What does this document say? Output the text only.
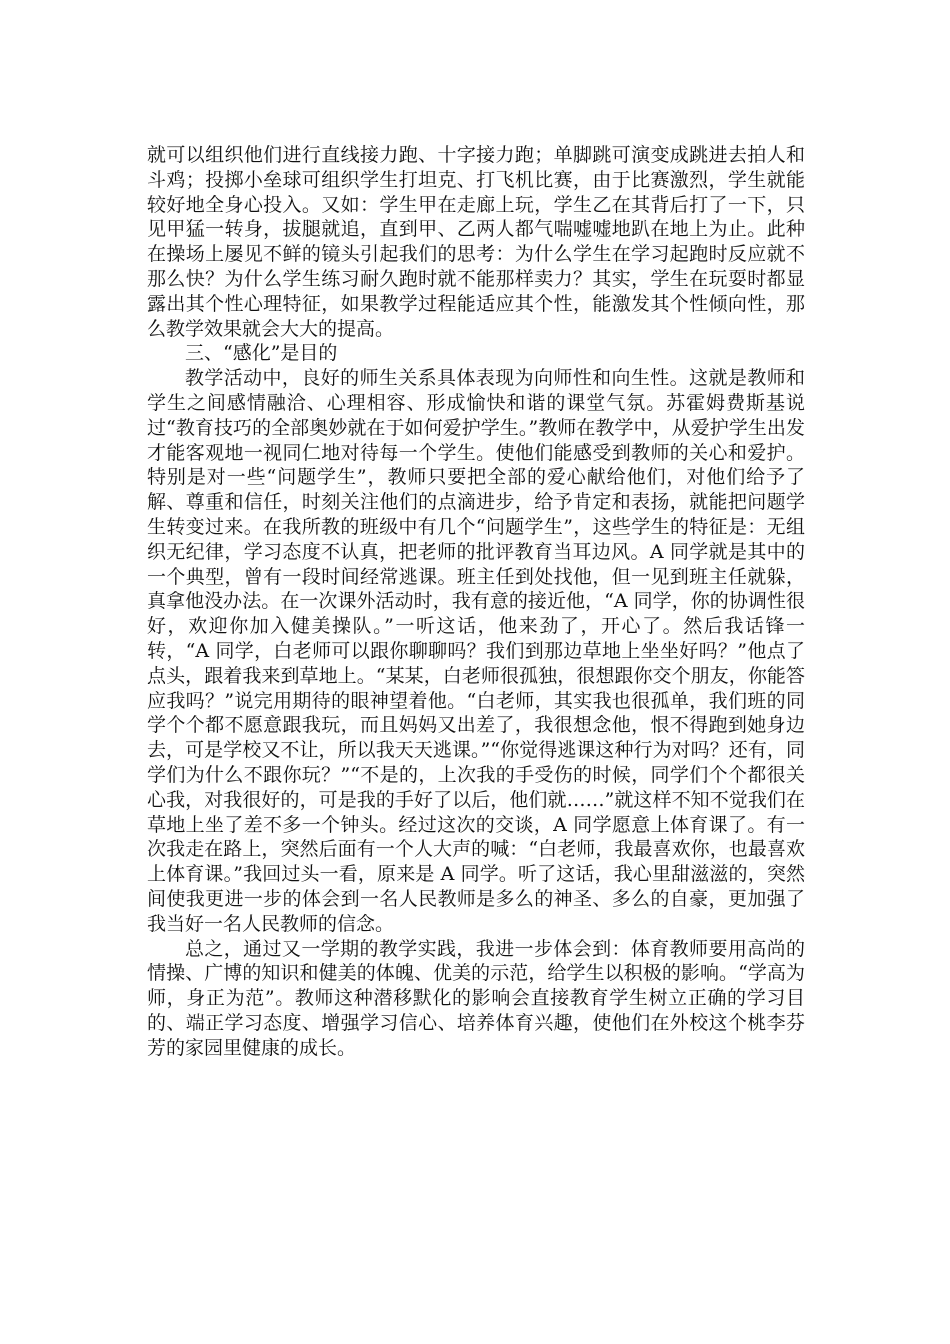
就可以组织他们进行直线接力跑、十字接力跑；单脚跳可演变成跳进去拍人和斗鸡；投掷小垒球可组织学生打坦克、打飞机比赛，由于比赛激烈，学生就能较好地全身心投入。又如：学生甲在走廊上玩，学生乙在其背后打了一下，只见甲猛一转身，拔腿就追，直到甲、乙两人都气喘嘘嘘地趴在地上为止。此种在操场上屡见不鲜的镜头引起我们的思考：为什么学生在学习起跑时反应就不那么快？为什么学生练习耐久跑时就不能那样卖力？其实，学生在玩耍时都显露出其个性心理特征，如果教学过程能适应其个性，能激发其个性倾向性，那么教学效果就会大大的提高。

三、“感化”是目的

教学活动中，良好的师生关系具体表现为向师性和向生性。这就是教师和学生之间感情融洽、心理相容、形成愉快和谐的课堂气氛。苏霍姆费斯基说过“教育技巧的全部奥妙就在于如何爱护学生。”教师在教学中，从爱护学生出发才能客观地一视同仁地对待每一个学生。使他们能感受到教师的关心和爱护。特别是对一些“问题学生”，教师只要把全部的爱心献给他们，对他们给予了解、尊重和信任，时刻关注他们的点滴进步，给予肯定和表扬，就能把问题学生转变过来。在我所教的班级中有几个“问题学生”，这些学生的特征是：无组织无纪律，学习态度不认真，把老师的批评教育当耳边风。A 同学就是其中的一个典型，曾有一段时间经常逃课。班主任到处找他，但一见到班主任就躲，真拿他没办法。在一次课外活动时，我有意的接近他，“A 同学，你的协调性很好，欢迎你加入健美操队。”一听这话，他来劲了，开心了。然后我话锋一转，“A 同学，白老师可以跟你聊聊吗？我们到那边草地上坐坐好吗？”他点了点头，跟着我来到草地上。“某某，白老师很孤独，很想跟你交个朋友，你能答应我吗？”说完用期待的眼神望着他。“白老师，其实我也很孤单，我们班的同学个个都不愿意跟我玩，而且妈妈又出差了，我很想念他，恨不得跑到她身边去，可是学校又不让，所以我天天逃课。”“你觉得逃课这种行为对吗？还有，同学们为什么不跟你玩？”“不是的，上次我的手受伤的时候，同学们个个都很关心我，对我很好的，可是我的手好了以后，他们就……”就这样不知不觉我们在草地上坐了差不多一个钟头。经过这次的交谈，A 同学愿意上体育课了。有一次我走在路上，突然后面有一个人大声的喊：“白老师，我最喜欢你，也最喜欢上体育课。”我回过头一看，原来是 A 同学。听了这话，我心里甜滋滋的，突然间使我更进一步的体会到一名人民教师是多么的神圣、多么的自豪，更加强了我当好一名人民教师的信念。

总之，通过又一学期的教学实践，我进一步体会到：体育教师要用高尚的情操、广博的知识和健美的体魄、优美的示范，给学生以积极的影响。“学高为师，身正为范”。教师这种潜移默化的影响会直接教育学生树立正确的学习目的、端正学习态度、增强学习信心、培养体育兴趣，使他们在外校这个桃李芬芳的家园里健康的成长。
